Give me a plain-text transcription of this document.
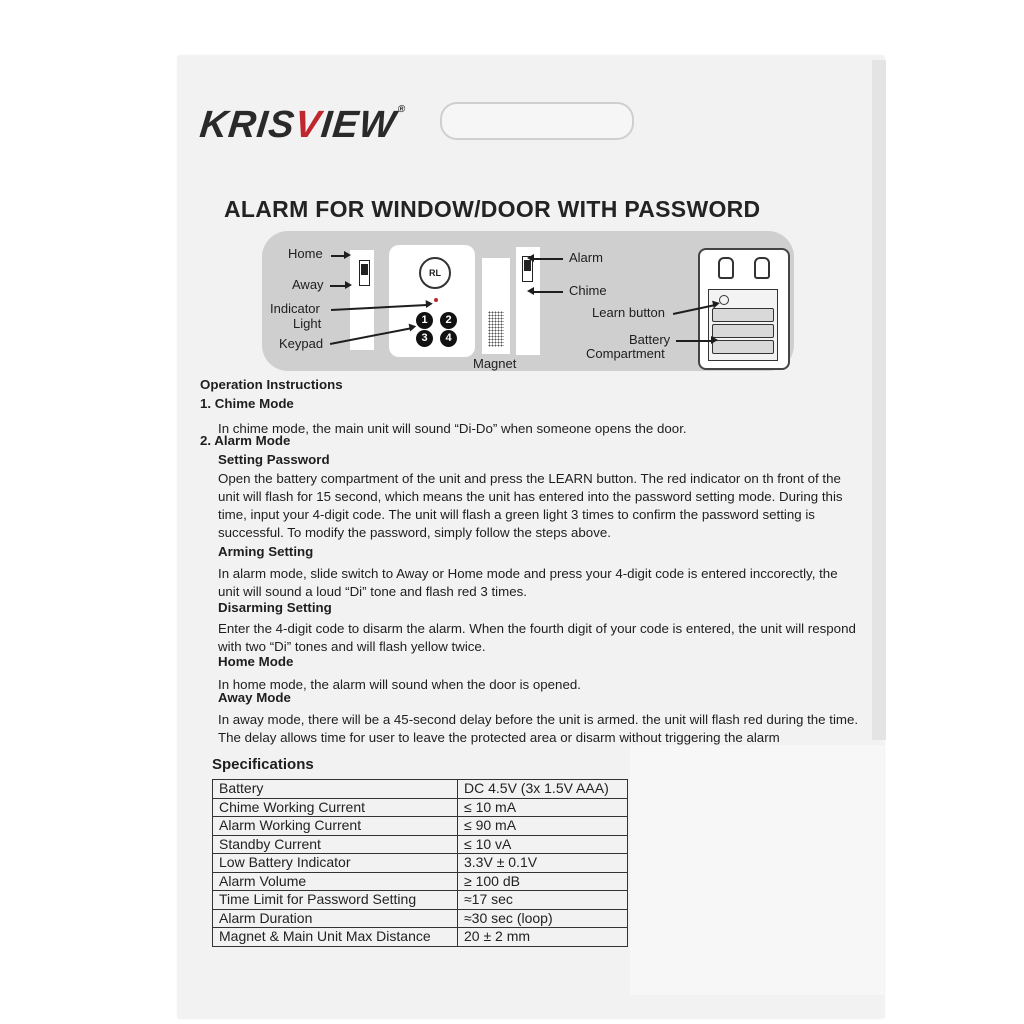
KRISVIEW®
ALARM FOR WINDOW/DOOR WITH PASSWORD
RL
1	2
3	4
Magnet
Home
Away
Indicator
Light
Keypad
Alarm
Chime
Learn button
Battery
Compartment
Operation Instructions
1. Chime Mode
In chime mode, the main unit will sound “Di-Do” when someone opens the door.
2. Alarm Mode
Setting Password
Open the battery compartment of the unit and press the LEARN button. The red indicator on th front of the unit will flash for 15 second, which means the unit has entered into the password setting mode. During this time, input your 4-digit code. The unit will flash a green light 3 times to confirm the password setting is successful. To modify the password, simply follow the steps above.
Arming Setting
In alarm mode, slide switch to Away or Home mode and press your 4-digit code is entered inccorectly, the unit will sound a loud “Di” tone and flash red 3 times.
Disarming Setting
Enter the 4-digit code to disarm the alarm. When the fourth digit of your code is entered, the unit will respond with two “Di” tones and will flash yellow twice.
Home Mode
In home mode, the alarm will sound when the door is opened.
Away Mode
In away mode, there will be a 45-second delay before the unit is armed. the unit will flash red during the time. The delay allows time for user to leave the protected area or disarm without triggering the alarm
Specifications
Battery	DC 4.5V (3x 1.5V AAA)
Chime Working Current	≤ 10 mA
Alarm Working Current	≤ 90 mA
Standby Current	≤ 10 vA
Low Battery Indicator	3.3V ± 0.1V
Alarm Volume	≥ 100 dB
Time Limit for Password Setting	≈17 sec
Alarm Duration	≈30 sec (loop)
Magnet & Main Unit Max Distance	20 ± 2 mm
